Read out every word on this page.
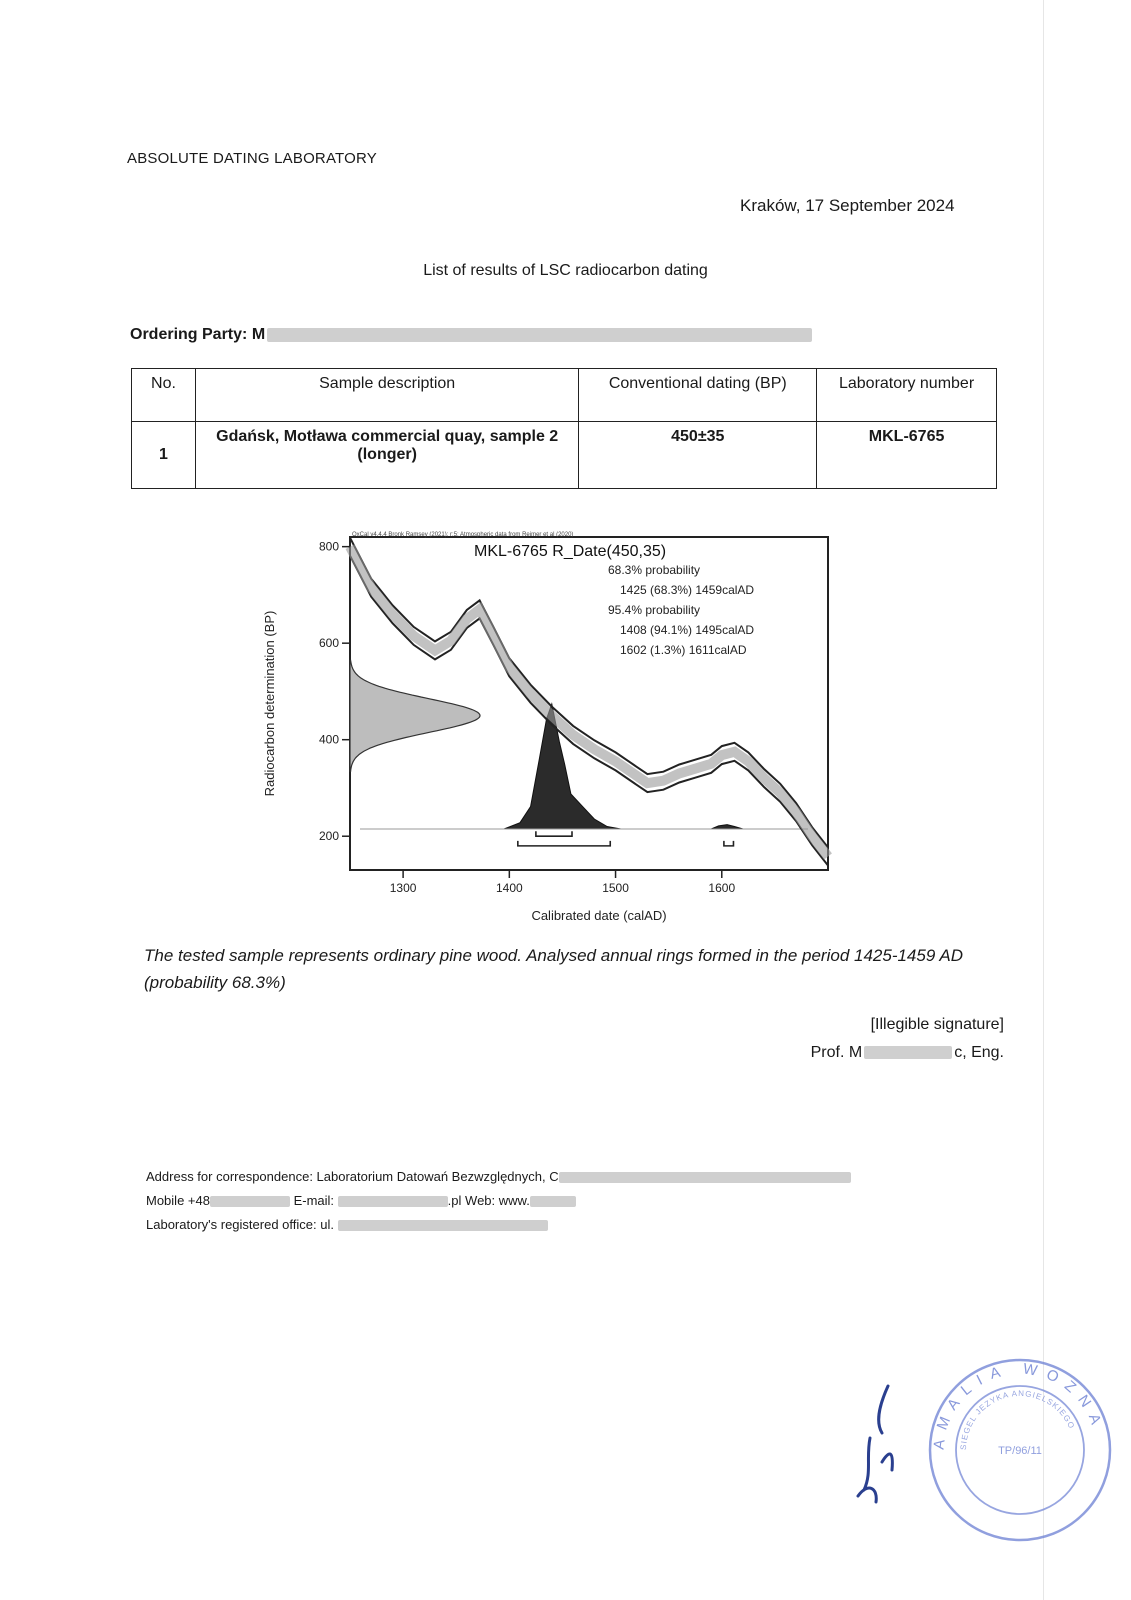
ABSOLUTE DATING LABORATORY
Kraków, 17 September 2024
List of results of LSC radiocarbon dating
Ordering Party: M
No.	Sample description	Conventional dating (BP)	Laboratory number
1	Gdańsk, Motława commercial quay, sample 2 (longer)	450±35	MKL-6765
1300	1400	1500	1600
200
400
600
800
Calibrated date (calAD)
Radiocarbon determination (BP)
OxCal v4.4.4 Bronk Ramsey (2021); r:5; Atmospheric data from Reimer et al (2020)
MKL-6765 R_Date(450,35)
68.3% probability
1425 (68.3%) 1459calAD
95.4% probability
1408 (94.1%) 1495calAD
1602 (1.3%) 1611calAD
The tested sample represents ordinary pine wood. Analysed annual rings formed in the period 1425-1459 AD (probability 68.3%)
[Illegible signature]
Prof. M	c, Eng.
Address for correspondence: Laboratorium Datowań Bezwzględnych, C
Mobile +48	E-mail:	.pl Web: www.
Laboratory's registered office: ul.
AMALIA WOZNA
SIEGEL JEZYKA ANGIELSKIEGO
TP/96/11
